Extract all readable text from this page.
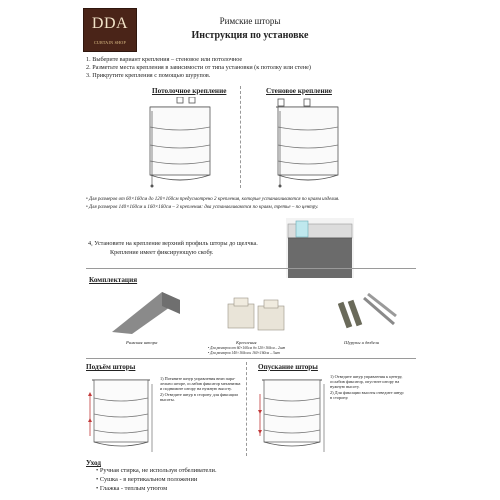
DDA
CURTAIN SHOP
Римские шторы
Инструкция по установке
1. Выберите вариант крепления – стеновое или потолочное
2. Разметьте места крепления в зависимости от типа установки (к потолку или стене)
3. Прикрутите крепления с помощью шурупов.
Потолочное крепление	Стеновое крепление
• Для размеров от 60×160см до 120×160см предусмотрено 2 крепления, которые устанавливаются по краям изделия.
• Для размеров 140×160см и 160×160см – 3 крепления: два устанавливаются по краям, третье – по центру.
4, Установите на крепление верхний профиль шторы до щелчка.
Крепление имеет фиксирующую скобу.
Комплектация
Римская штора	Крепления
• Для размеров от 60×160см до 120×160см – 2шт
• Для размеров 140×160см и 160×160см – 3шт
Шурупы и дюбели
Подъём шторы
1) Потяните шнур управления вниз пара-
лельно шторе, ослабив фиксатор механизма
и поднимите штору на нужную высоту.
2) Отведите шнур в сторону для фиксации
высоты.
Опускание шторы
1) Отведите шнур управления к центру,
ослабив фиксатор, опустите штору на
нужную высоту.
2) Для фиксации высоты отведите шнур
в сторону.
Уход
• Ручная стирка, не используя отбеливатели.
• Сушка - в вертикальном положении
• Глажка - теплым утюгом
